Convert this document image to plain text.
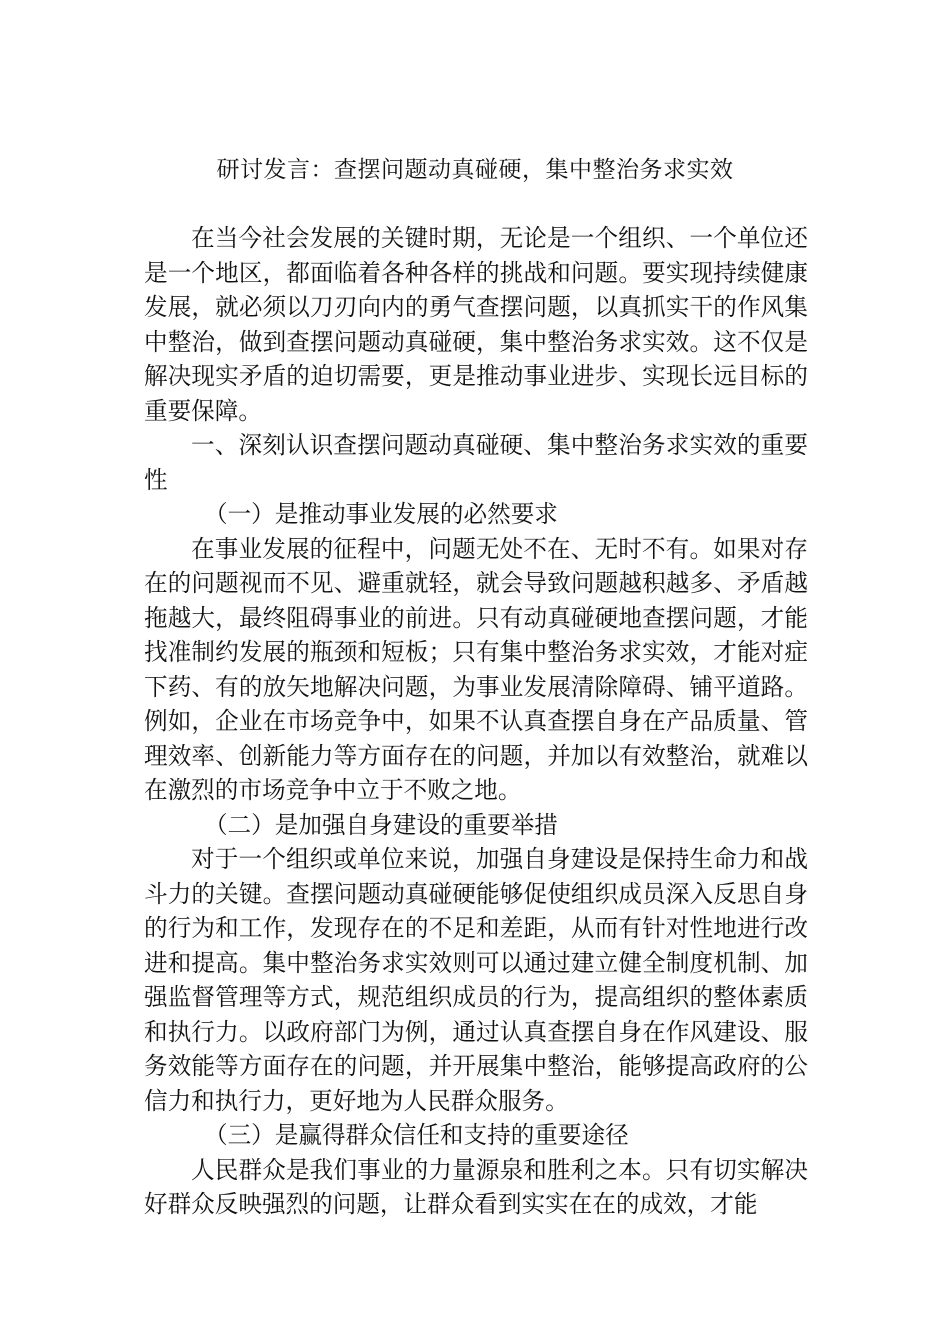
研讨发言：查摆问题动真碰硬，集中整治务求实效

在当今社会发展的关键时期，无论是一个组织、一个单位还是一个地区，都面临着各种各样的挑战和问题。要实现持续健康发展，就必须以刀刃向内的勇气查摆问题，以真抓实干的作风集中整治，做到查摆问题动真碰硬，集中整治务求实效。这不仅是解决现实矛盾的迫切需要，更是推动事业进步、实现长远目标的重要保障。

一、深刻认识查摆问题动真碰硬、集中整治务求实效的重要性

（一）是推动事业发展的必然要求

在事业发展的征程中，问题无处不在、无时不有。如果对存在的问题视而不见、避重就轻，就会导致问题越积越多、矛盾越拖越大，最终阻碍事业的前进。只有动真碰硬地查摆问题，才能找准制约发展的瓶颈和短板；只有集中整治务求实效，才能对症下药、有的放矢地解决问题，为事业发展清除障碍、铺平道路。例如，企业在市场竞争中，如果不认真查摆自身在产品质量、管理效率、创新能力等方面存在的问题，并加以有效整治，就难以在激烈的市场竞争中立于不败之地。

（二）是加强自身建设的重要举措

对于一个组织或单位来说，加强自身建设是保持生命力和战斗力的关键。查摆问题动真碰硬能够促使组织成员深入反思自身的行为和工作，发现存在的不足和差距，从而有针对性地进行改进和提高。集中整治务求实效则可以通过建立健全制度机制、加强监督管理等方式，规范组织成员的行为，提高组织的整体素质和执行力。以政府部门为例，通过认真查摆自身在作风建设、服务效能等方面存在的问题，并开展集中整治，能够提高政府的公信力和执行力，更好地为人民群众服务。

（三）是赢得群众信任和支持的重要途径

人民群众是我们事业的力量源泉和胜利之本。只有切实解决好群众反映强烈的问题，让群众看到实实在在的成效，才能
